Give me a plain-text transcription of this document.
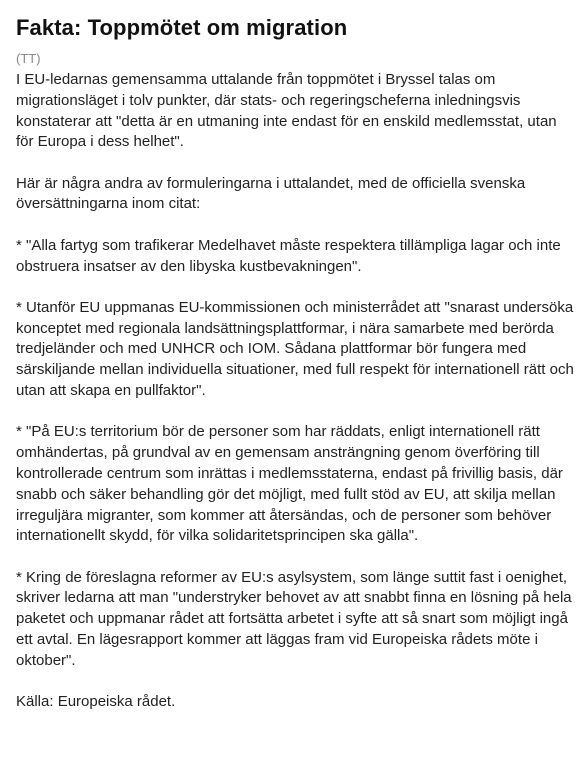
Fakta: Toppmötet om migration
(TT)

I EU-ledarnas gemensamma uttalande från toppmötet i Bryssel talas om migrationsläget i tolv punkter, där stats- och regeringscheferna inledningsvis konstaterar att "detta är en utmaning inte endast för en enskild medlemsstat, utan för Europa i dess helhet".

Här är några andra av formuleringarna i uttalandet, med de officiella svenska översättningarna inom citat:

* "Alla fartyg som trafikerar Medelhavet måste respektera tillämpliga lagar och inte obstruera insatser av den libyska kustbevakningen".

* Utanför EU uppmanas EU-kommissionen och ministerrådet att "snarast undersöka konceptet med regionala landsättningsplattformar, i nära samarbete med berörda tredjeländer och med UNHCR och IOM. Sådana plattformar bör fungera med särskiljande mellan individuella situationer, med full respekt för internationell rätt och utan att skapa en pullfaktor".

* "På EU:s territorium bör de personer som har räddats, enligt internationell rätt omhändertas, på grundval av en gemensam ansträngning genom överföring till kontrollerade centrum som inrättas i medlemsstaterna, endast på frivillig basis, där snabb och säker behandling gör det möjligt, med fullt stöd av EU, att skilja mellan irreguljära migranter, som kommer att återsändas, och de personer som behöver internationellt skydd, för vilka solidaritetsprincipen ska gälla".

* Kring de föreslagna reformer av EU:s asylsystem, som länge suttit fast i oenighet, skriver ledarna att man "understryker behovet av att snabbt finna en lösning på hela paketet och uppmanar rådet att fortsätta arbetet i syfte att så snart som möjligt ingå ett avtal. En lägesrapport kommer att läggas fram vid Europeiska rådets möte i oktober".

Källa: Europeiska rådet.
